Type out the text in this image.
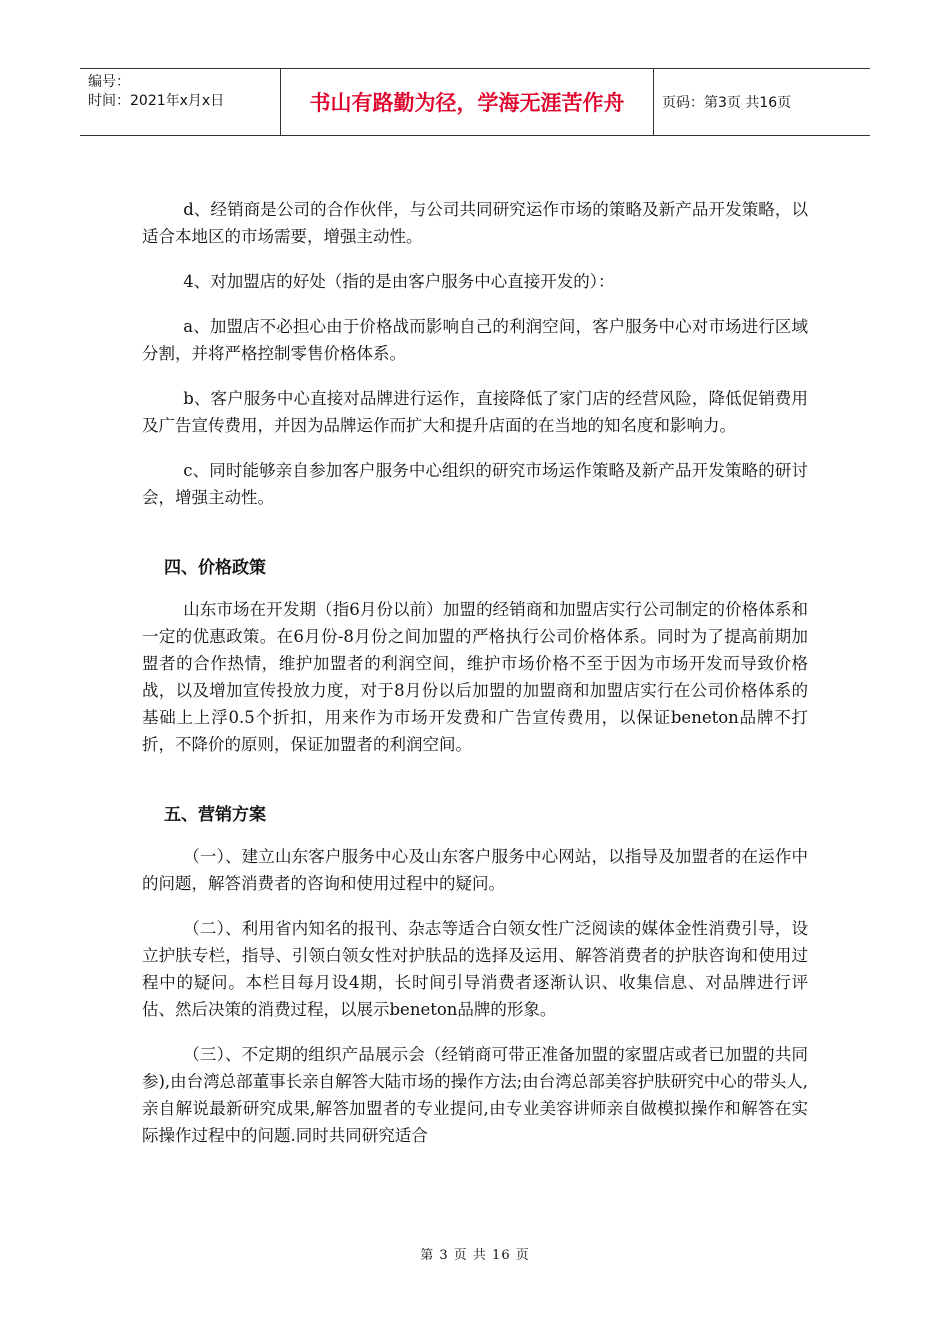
编号：
时间：2021年x月x日	书山有路勤为径，学海无涯苦作舟	页码：第3页 共16页

d、经销商是公司的合作伙伴，与公司共同研究运作市场的策略及新产品开发策略，以适合本地区的市场需要，增强主动性。

4、对加盟店的好处（指的是由客户服务中心直接开发的）：

a、加盟店不必担心由于价格战而影响自己的利润空间，客户服务中心对市场进行区域分割，并将严格控制零售价格体系。

b、客户服务中心直接对品牌进行运作，直接降低了家门店的经营风险，降低促销费用及广告宣传费用，并因为品牌运作而扩大和提升店面的在当地的知名度和影响力。

c、同时能够亲自参加客户服务中心组织的研究市场运作策略及新产品开发策略的研讨会，增强主动性。

四、价格政策

山东市场在开发期（指6月份以前）加盟的经销商和加盟店实行公司制定的价格体系和一定的优惠政策。在6月份-8月份之间加盟的严格执行公司价格体系。同时为了提高前期加盟者的合作热情，维护加盟者的利润空间，维护市场价格不至于因为市场开发而导致价格战，以及增加宣传投放力度，对于8月份以后加盟的加盟商和加盟店实行在公司价格体系的基础上上浮0.5个折扣，用来作为市场开发费和广告宣传费用，以保证beneton品牌不打折，不降价的原则，保证加盟者的利润空间。

五、营销方案

（一）、建立山东客户服务中心及山东客户服务中心网站，以指导及加盟者的在运作中的问题，解答消费者的咨询和使用过程中的疑问。

（二）、利用省内知名的报刊、杂志等适合白领女性广泛阅读的媒体金性消费引导，设立护肤专栏，指导、引领白领女性对护肤品的选择及运用、解答消费者的护肤咨询和使用过程中的疑问。本栏目每月设4期，长时间引导消费者逐渐认识、收集信息、对品牌进行评估、然后决策的消费过程，以展示beneton品牌的形象。

（三）、不定期的组织产品展示会（经销商可带正准备加盟的家盟店或者已加盟的共同参),由台湾总部董事长亲自解答大陆市场的操作方法;由台湾总部美容护肤研究中心的带头人,亲自解说最新研究成果,解答加盟者的专业提问,由专业美容讲师亲自做模拟操作和解答在实际操作过程中的问题.同时共同研究适合

第 3 页 共 16 页
